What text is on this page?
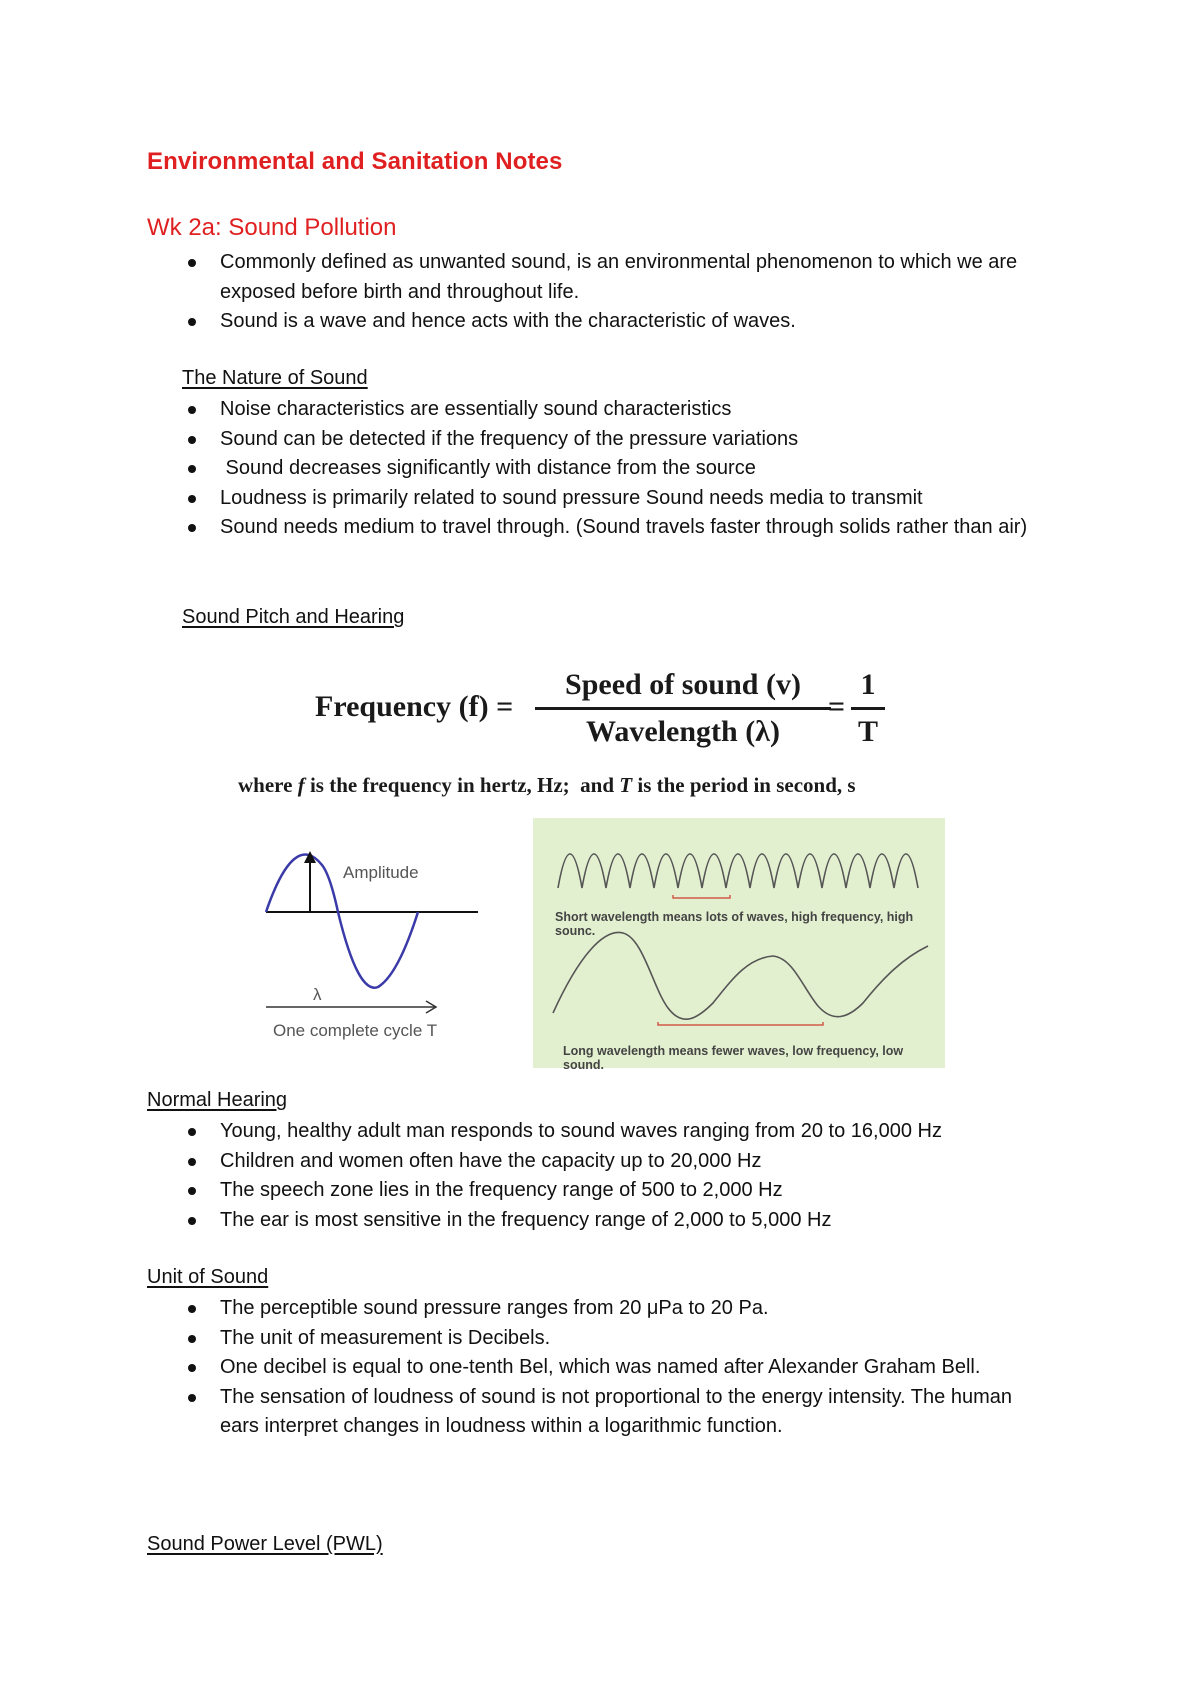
Environmental and Sanitation Notes
Wk 2a: Sound Pollution
Commonly defined as unwanted sound, is an environmental phenomenon to which we are exposed before birth and throughout life.
Sound is a wave and hence acts with the characteristic of waves.
The Nature of Sound
Noise characteristics are essentially sound characteristics
Sound can be detected if the frequency of the pressure variations
Sound decreases significantly with distance from the source
Loudness is primarily related to sound pressure Sound needs media to transmit
Sound needs medium to travel through. (Sound travels faster through solids rather than air)
Sound Pitch and Hearing
Frequency (f) =
Speed of sound (v)
Wavelength (λ)
=
1
T
where f is the frequency in hertz, Hz;  and T is the period in second, s
Amplitude
λ
One complete cycle T
Short wavelength means lots of waves, high frequency, high sounc.
Long wavelength means fewer waves, low frequency, low sound.
Normal Hearing
Young, healthy adult man responds to sound waves ranging from 20 to 16,000 Hz
Children and women often have the capacity up to 20,000 Hz
The speech zone lies in the frequency range of 500 to 2,000 Hz
The ear is most sensitive in the frequency range of 2,000 to 5,000 Hz
Unit of Sound
The perceptible sound pressure ranges from 20 μPa to 20 Pa.
The unit of measurement is Decibels.
One decibel is equal to one-tenth Bel, which was named after Alexander Graham Bell.
The sensation of loudness of sound is not proportional to the energy intensity. The human ears interpret changes in loudness within a logarithmic function.
Sound Power Level (PWL)
